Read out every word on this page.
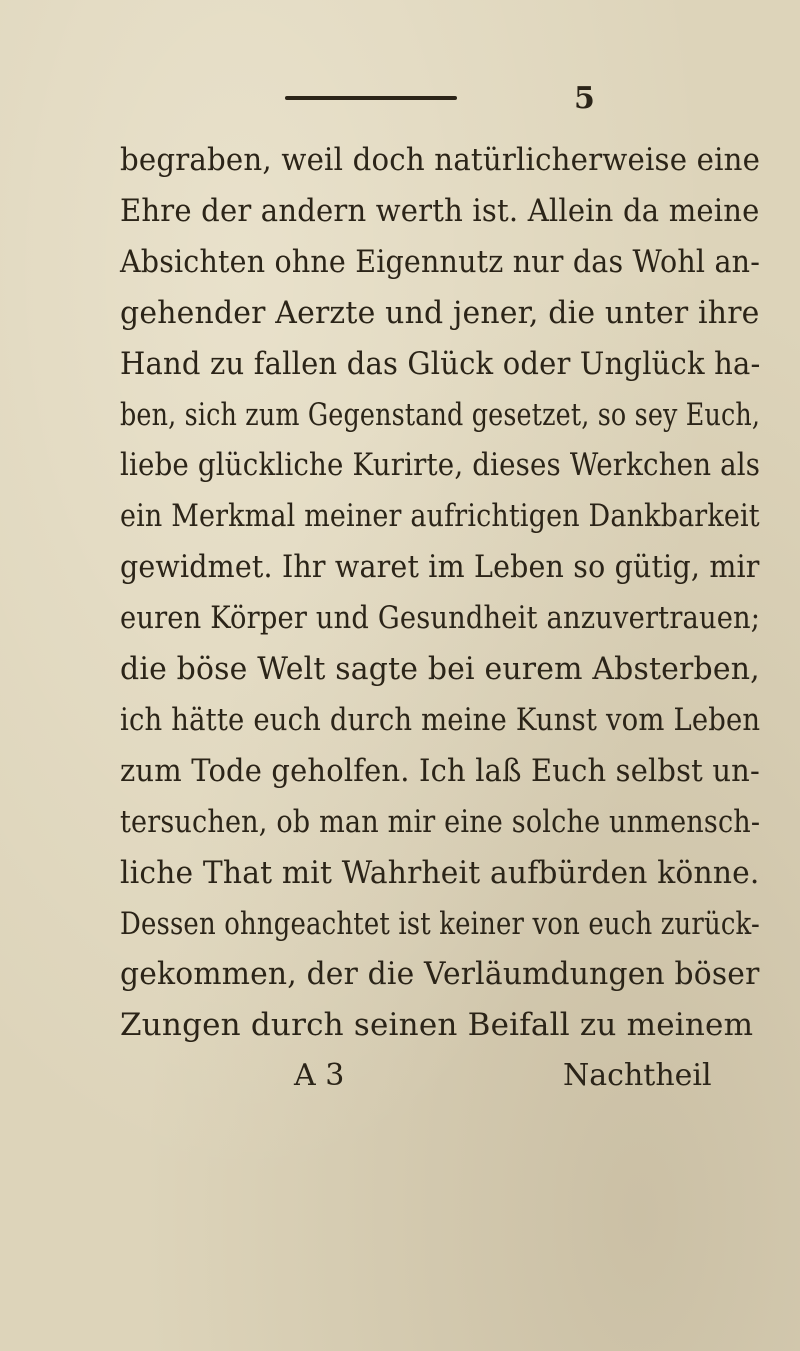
5
begraben, weil doch natürlicherweise eine
Ehre der andern werth ist. Allein da meine
Absichten ohne Eigennutz nur das Wohl an-
gehender Aerzte und jener, die unter ihre
Hand zu fallen das Glück oder Unglück ha-
ben, sich zum Gegenstand gesetzet, so sey Euch,
liebe glückliche Kurirte, dieses Werkchen als
ein Merkmal meiner aufrichtigen Dankbarkeit
gewidmet. Ihr waret im Leben so gütig, mir
euren Körper und Gesundheit anzuvertrauen;
die böse Welt sagte bei eurem Absterben,
ich hätte euch durch meine Kunst vom Leben
zum Tode geholfen. Ich laß Euch selbst un-
tersuchen, ob man mir eine solche unmensch-
liche That mit Wahrheit aufbürden könne.
Dessen ohngeachtet ist keiner von euch zurück-
gekommen, der die Verläumdungen böser
Zungen durch seinen Beifall zu meinem
A 3	Nachtheil
